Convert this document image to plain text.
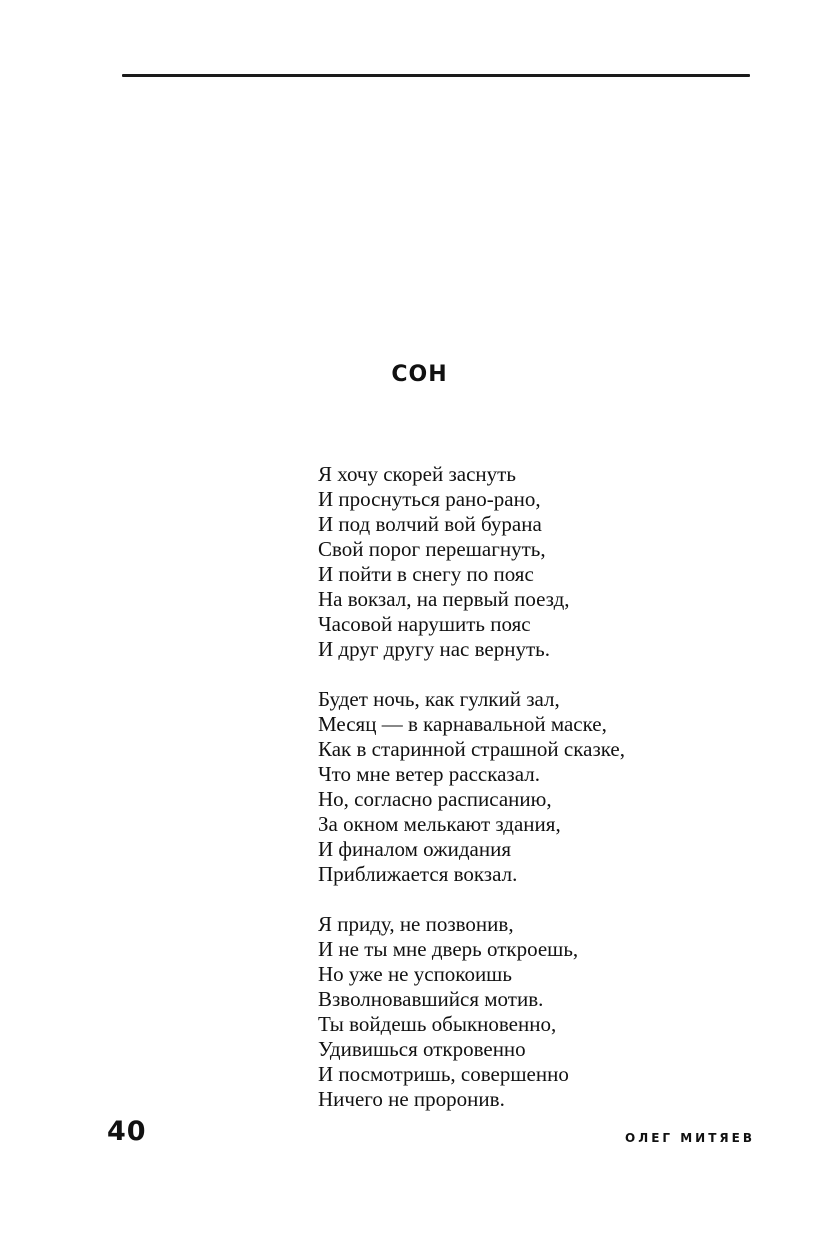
СОН
Я хочу скорей заснуть
И проснуться рано-рано,
И под волчий вой бурана
Свой порог перешагнуть,
И пойти в снегу по пояс
На вокзал, на первый поезд,
Часовой нарушить пояс
И друг другу нас вернуть.
Будет ночь, как гулкий зал,
Месяц — в карнавальной маске,
Как в старинной страшной сказке,
Что мне ветер рассказал.
Но, согласно расписанию,
За окном мелькают здания,
И финалом ожидания
Приближается вокзал.
Я приду, не позвонив,
И не ты мне дверь откроешь,
Но уже не успокоишь
Взволновавшийся мотив.
Ты войдешь обыкновенно,
Удивишься откровенно
И посмотришь, совершенно
Ничего не проронив.
40	ОЛЕГ МИТЯЕВ
